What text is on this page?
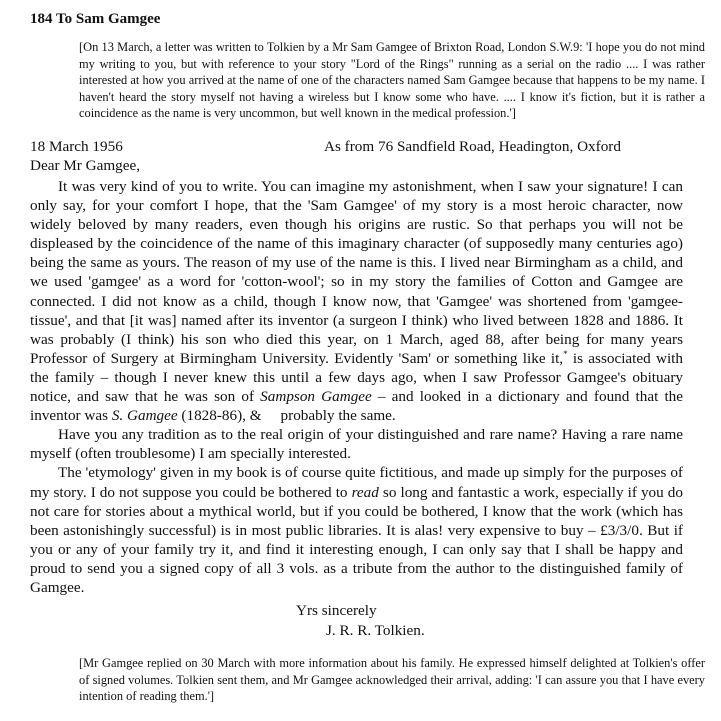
184 To Sam Gamgee
[On 13 March, a letter was written to Tolkien by a Mr Sam Gamgee of Brixton Road, London S.W.9: 'I hope you do not mind my writing to you, but with reference to your story "Lord of the Rings" running as a serial on the radio .... I was rather interested at how you arrived at the name of one of the characters named Sam Gamgee because that happens to be my name. I haven't heard the story myself not having a wireless but I know some who have. .... I know it's fiction, but it is rather a coincidence as the name is very uncommon, but well known in the medical profession.']
18 March 1956	As from 76 Sandfield Road, Headington, Oxford
Dear Mr Gamgee,

It was very kind of you to write. You can imagine my astonishment, when I saw your signature! I can only say, for your comfort I hope, that the 'Sam Gamgee' of my story is a most heroic character, now widely beloved by many readers, even though his origins are rustic. So that perhaps you will not be displeased by the coincidence of the name of this imaginary character (of supposedly many centuries ago) being the same as yours. The reason of my use of the name is this. I lived near Birmingham as a child, and we used 'gamgee' as a word for 'cotton-wool'; so in my story the families of Cotton and Gamgee are connected. I did not know as a child, though I know now, that 'Gamgee' was shortened from 'gamgee-tissue', and that [it was] named after its inventor (a surgeon I think) who lived between 1828 and 1886. It was probably (I think) his son who died this year, on 1 March, aged 88, after being for many years Professor of Surgery at Birmingham University. Evidently 'Sam' or something like it,* is associated with the family – though I never knew this until a few days ago, when I saw Professor Gamgee's obituary notice, and saw that he was son of Sampson Gamgee – and looked in a dictionary and found that the inventor was S. Gamgee (1828-86), &     probably the same.

Have you any tradition as to the real origin of your distinguished and rare name? Having a rare name myself (often troublesome) I am specially interested.

The 'etymology' given in my book is of course quite fictitious, and made up simply for the purposes of my story. I do not suppose you could be bothered to read so long and fantastic a work, especially if you do not care for stories about a mythical world, but if you could be bothered, I know that the work (which has been astonishingly successful) is in most public libraries. It is alas! very expensive to buy – £3/3/0. But if you or any of your family try it, and find it interesting enough, I can only say that I shall be happy and proud to send you a signed copy of all 3 vols. as a tribute from the author to the distinguished family of Gamgee.

Yrs sincerely
J. R. R. Tolkien.
[Mr Gamgee replied on 30 March with more information about his family. He expressed himself delighted at Tolkien's offer of signed volumes. Tolkien sent them, and Mr Gamgee acknowledged their arrival, adding: 'I can assure you that I have every intention of reading them.']
